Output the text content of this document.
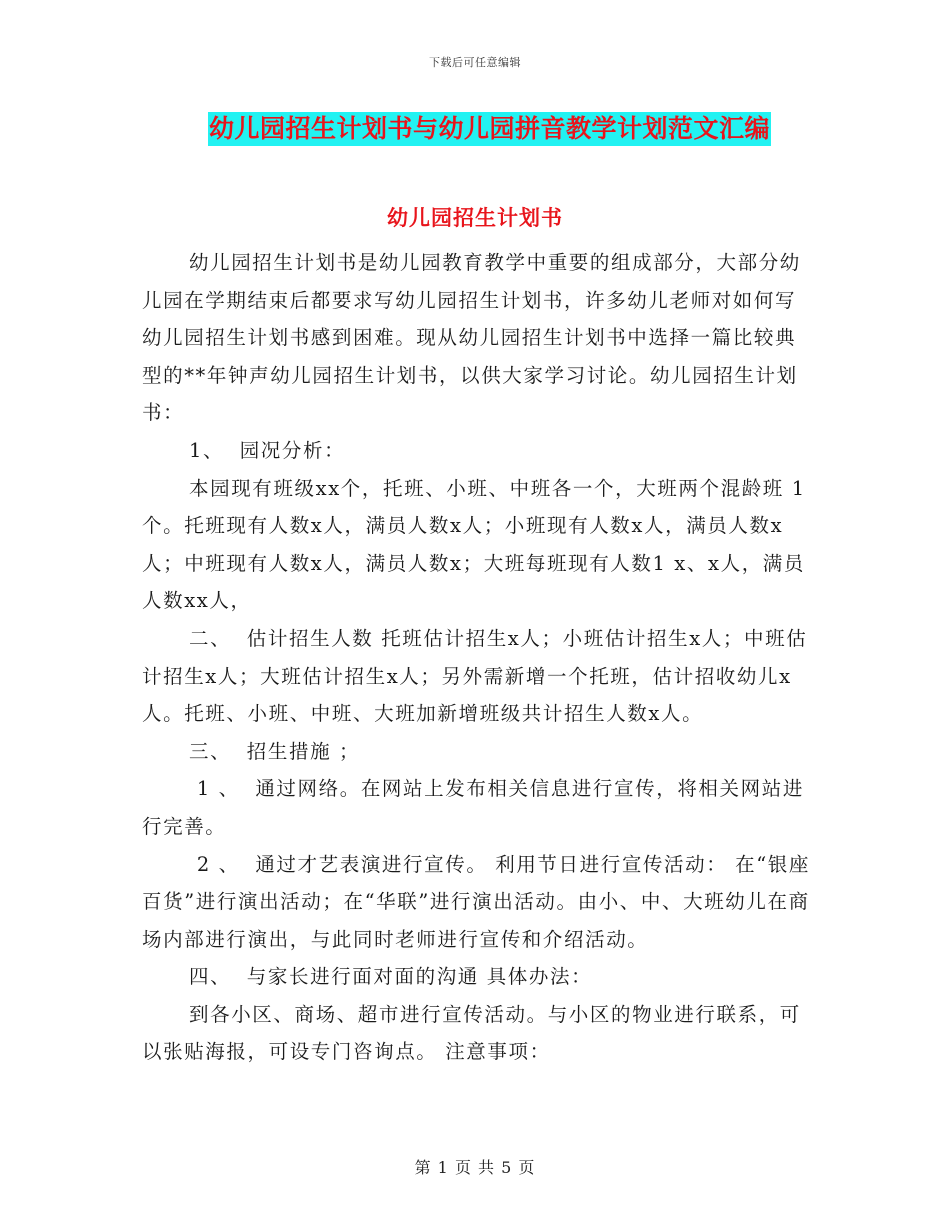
下载后可任意编辑
幼儿园招生计划书与幼儿园拼音教学计划范文汇编
幼儿园招生计划书

幼儿园招生计划书是幼儿园教育教学中重要的组成部分，大部分幼儿园在学期结束后都要求写幼儿园招生计划书，许多幼儿老师对如何写幼儿园招生计划书感到困难。现从幼儿园招生计划书中选择一篇比较典型的**年钟声幼儿园招生计划书，以供大家学习讨论。幼儿园招生计划书：

1、  园况分析：

本园现有班级xx个，托班、小班、中班各一个，大班两个混龄班 1个。托班现有人数x人，满员人数x人；小班现有人数x人，满员人数x人；中班现有人数x人，满员人数x；大班每班现有人数1 x、x人，满员人数xx人，

二、  估计招生人数 托班估计招生x人；小班估计招生x人；中班估计招生x人；大班估计招生x人；另外需新增一个托班，估计招收幼儿x人。托班、小班、中班、大班加新增班级共计招生人数x人。

三、  招生措施 ；

1 、  通过网络。在网站上发布相关信息进行宣传，将相关网站进行完善。

2 、  通过才艺表演进行宣传。 利用节日进行宣传活动： 在“银座百货”进行演出活动；在“华联”进行演出活动。由小、中、大班幼儿在商场内部进行演出，与此同时老师进行宣传和介绍活动。

四、  与家长进行面对面的沟通 具体办法：

到各小区、商场、超市进行宣传活动。与小区的物业进行联系，可以张贴海报，可设专门咨询点。 注意事项：

第 1 页 共 5 页
